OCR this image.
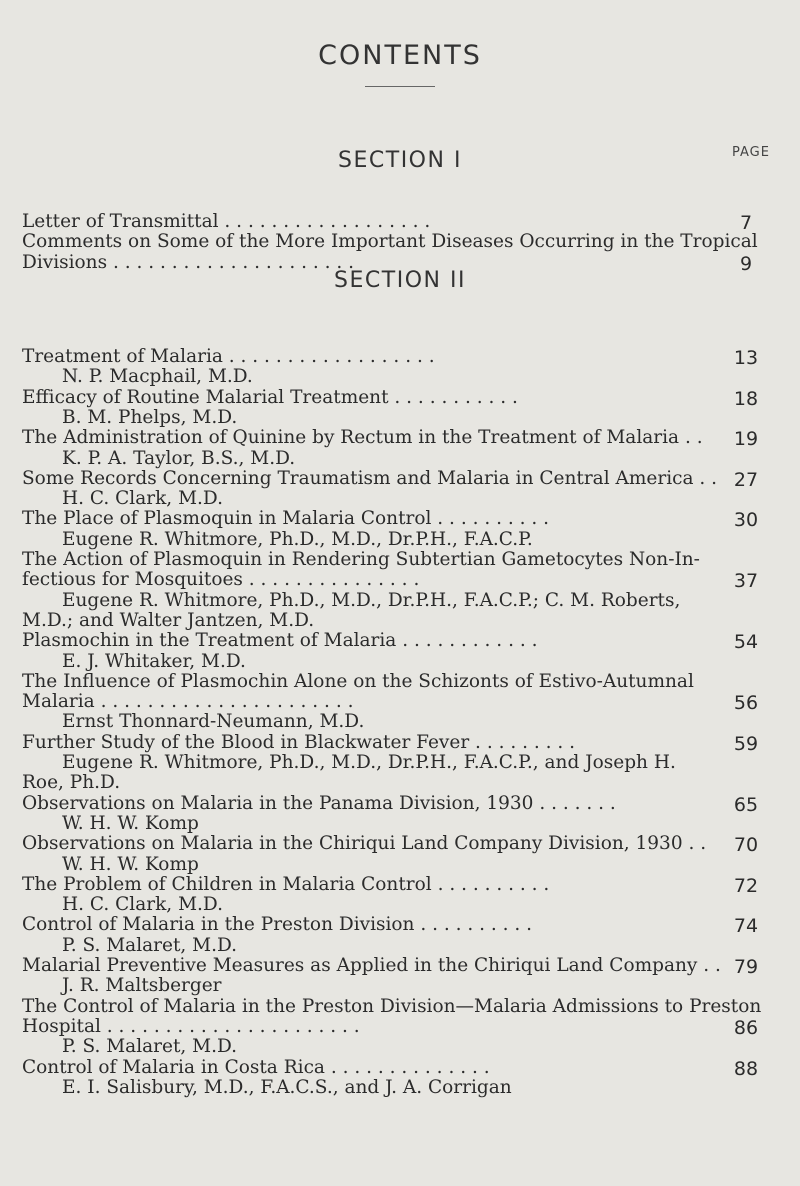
CONTENTS
PAGE
SECTION I
Letter of Transmittal . . . . . . . . . . . . . . . . . .
Comments on Some of the More Important Diseases Occurring in the Tropical
Divisions . . . . . . . . . . . . . . . . . . . . .
7
9
SECTION II
Treatment of Malaria . . . . . . . . . . . . . . . . . .
N. P. Macphail, M.D.
Efficacy of Routine Malarial Treatment . . . . . . . . . . .
B. M. Phelps, M.D.
The Administration of Quinine by Rectum in the Treatment of Malaria . .
K. P. A. Taylor, B.S., M.D.
Some Records Concerning Traumatism and Malaria in Central America . .
H. C. Clark, M.D.
The Place of Plasmoquin in Malaria Control . . . . . . . . . .
Eugene R. Whitmore, Ph.D., M.D., Dr.P.H., F.A.C.P.
The Action of Plasmoquin in Rendering Subtertian Gametocytes Non-In-
fectious for Mosquitoes . . . . . . . . . . . . . . .
Eugene R. Whitmore, Ph.D., M.D., Dr.P.H., F.A.C.P.; C. M. Roberts,
M.D.; and Walter Jantzen, M.D.
Plasmochin in the Treatment of Malaria . . . . . . . . . . . .
E. J. Whitaker, M.D.
The Influence of Plasmochin Alone on the Schizonts of Estivo-Autumnal
Malaria . . . . . . . . . . . . . . . . . . . . . .
Ernst Thonnard-Neumann, M.D.
Further Study of the Blood in Blackwater Fever . . . . . . . . .
Eugene R. Whitmore, Ph.D., M.D., Dr.P.H., F.A.C.P., and Joseph H.
Roe, Ph.D.
Observations on Malaria in the Panama Division, 1930 . . . . . . .
W. H. W. Komp
Observations on Malaria in the Chiriqui Land Company Division, 1930 . .
W. H. W. Komp
The Problem of Children in Malaria Control . . . . . . . . . .
H. C. Clark, M.D.
Control of Malaria in the Preston Division . . . . . . . . . .
P. S. Malaret, M.D.
Malarial Preventive Measures as Applied in the Chiriqui Land Company . .
J. R. Maltsberger
The Control of Malaria in the Preston Division—Malaria Admissions to Preston
Hospital . . . . . . . . . . . . . . . . . . . . . .
P. S. Malaret, M.D.
Control of Malaria in Costa Rica . . . . . . . . . . . . . .
E. I. Salisbury, M.D., F.A.C.S., and J. A. Corrigan
13
18
19
27
30
37
54
56
59
65
70
72
74
79
86
88
